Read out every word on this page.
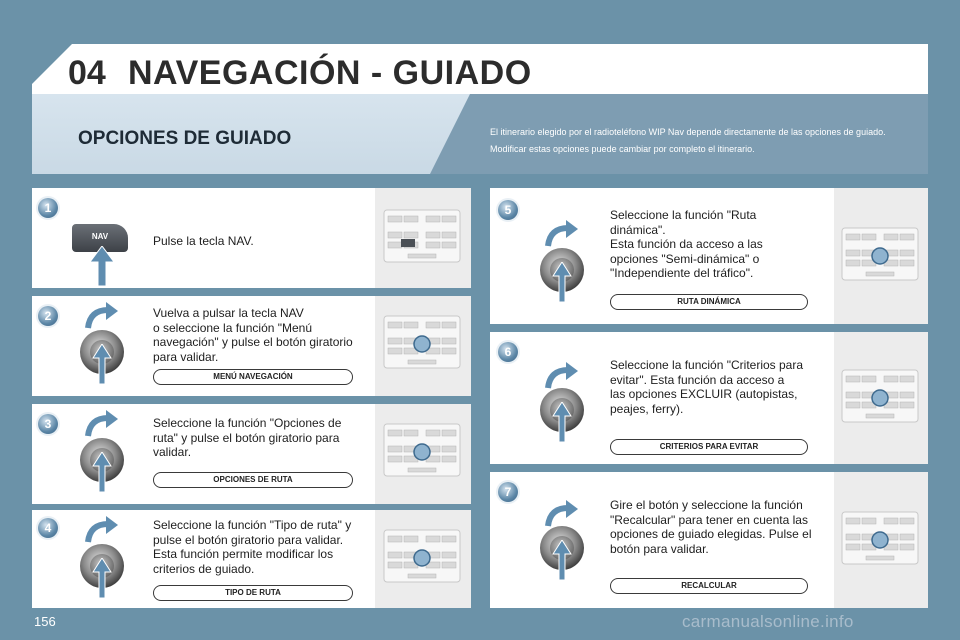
04 NAVEGACIÓN - GUIADO
OPCIONES DE GUIADO	El itinerario elegido por el radioteléfono WIP Nav depende directamente de las opciones de guiado.
Modificar estas opciones puede cambiar por completo el itinerario.
1
NAV	Pulse la tecla NAV.
2	Vuelva a pulsar la tecla NAV
o seleccione la función "Menú
navegación" y pulse el botón giratorio
para validar.
MENÚ NAVEGACIÓN
3	Seleccione la función "Opciones de
ruta" y pulse el botón giratorio para
validar.
OPCIONES DE RUTA
4	Seleccione la función "Tipo de ruta" y
pulse el botón giratorio para validar.
Esta función permite modificar los
criterios de guiado.
TIPO DE RUTA
5	Seleccione la función "Ruta
dinámica".
Esta función da acceso a las
opciones "Semi-dinámica" o
"Independiente del tráfico".
RUTA DINÁMICA
6
Seleccione la función "Criterios para
evitar". Esta función da acceso a
las opciones EXCLUIR (autopistas,
peajes, ferry).
CRITERIOS PARA EVITAR
7
Gire el botón y seleccione la función
"Recalcular" para tener en cuenta las
opciones de guiado elegidas. Pulse el
botón para validar.
RECALCULAR
156	carmanualsonline.info
